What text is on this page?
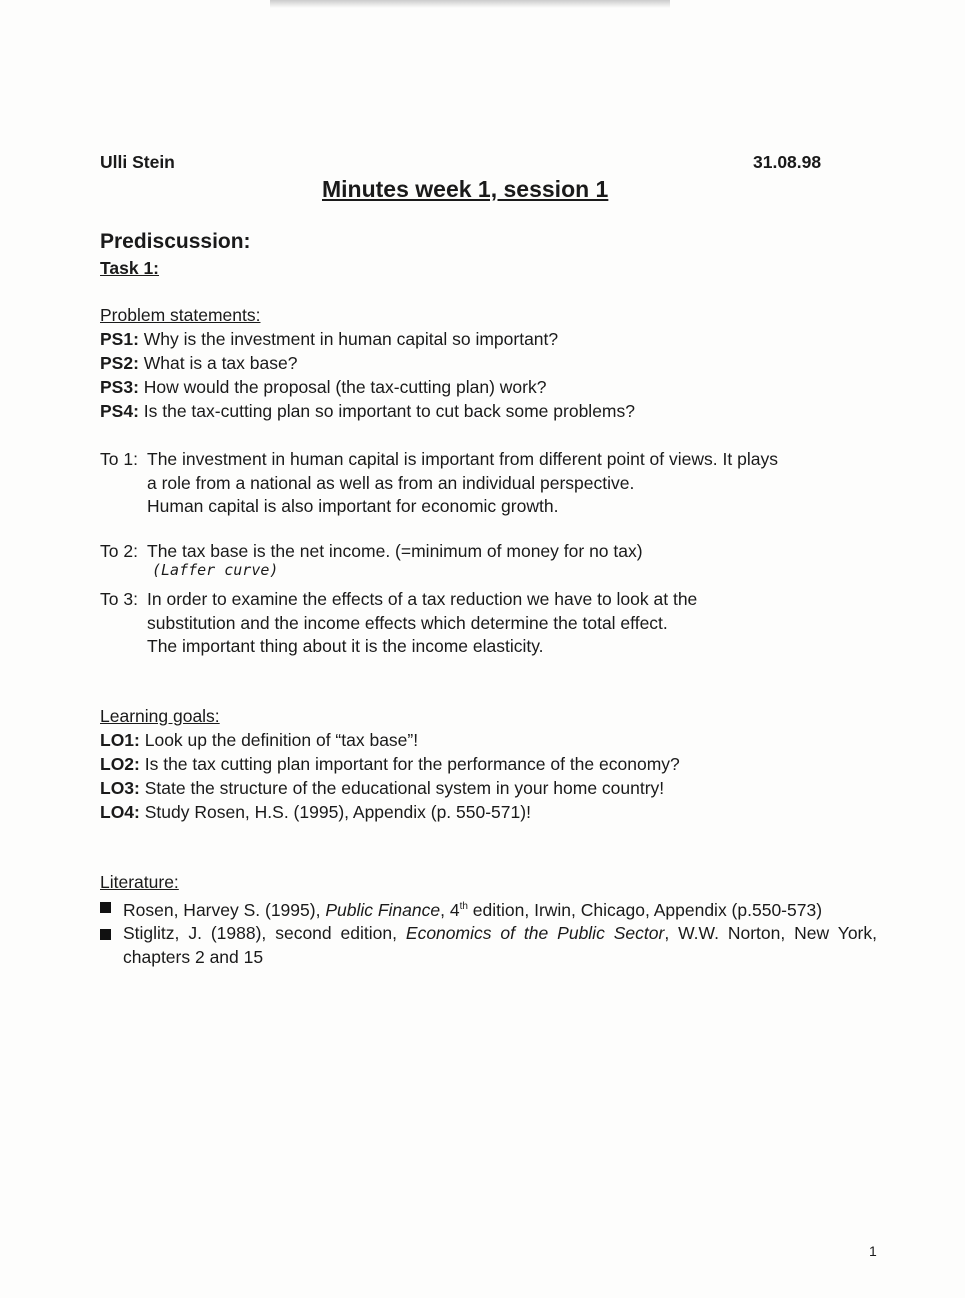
Ulli Stein	31.08.98
Minutes week 1, session 1
Prediscussion:
Task 1:
Problem statements:
PS1: Why is the investment in human capital so important?
PS2: What is a tax base?
PS3: How would the proposal (the tax-cutting plan) work?
PS4: Is the tax-cutting plan so important to cut back some problems?
To 1: The investment in human capital is important from different point of views. It plays
a role from a national as well as from an individual perspective.
Human capital is also important for economic growth.
To 2: The tax base is the net income. (=minimum of money for no tax)
(Laffer curve)
To 3: In order to examine the effects of a tax reduction we have to look at the
substitution and the income effects which determine the total effect.
The important thing about it is the income elasticity.
Learning goals:
LO1: Look up the definition of “tax base”!
LO2: Is the tax cutting plan important for the performance of the economy?
LO3: State the structure of the educational system in your home country!
LO4: Study Rosen, H.S. (1995), Appendix (p. 550-571)!
Literature:
Rosen, Harvey S. (1995), Public Finance, 4th edition, Irwin, Chicago, Appendix (p.550-573)
Stiglitz, J. (1988), second edition, Economics of the Public Sector, W.W. Norton, New York, chapters 2 and 15
1
